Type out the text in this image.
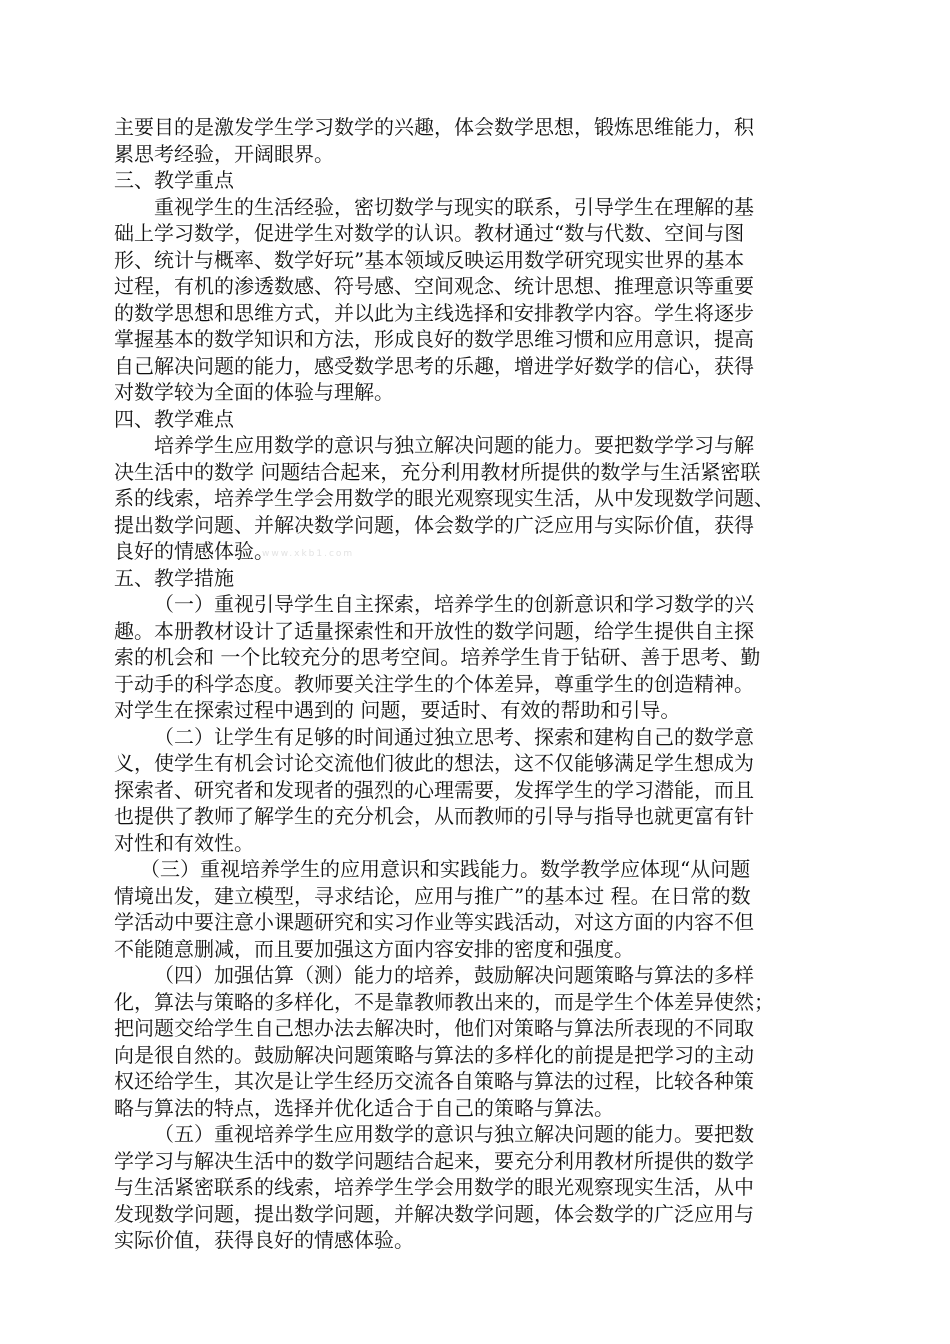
www.xkb1.com

主要目的是激发学生学习数学的兴趣，体会数学思想，锻炼思维能力，积
累思考经验，开阔眼界。

三、教学重点

重视学生的生活经验，密切数学与现实的联系，引导学生在理解的基
础上学习数学，促进学生对数学的认识。教材通过“数与代数、空间与图
形、统计与概率、数学好玩”基本领域反映运用数学研究现实世界的基本
过程，有机的渗透数感、符号感、空间观念、统计思想、推理意识等重要
的数学思想和思维方式，并以此为主线选择和安排教学内容。学生将逐步
掌握基本的数学知识和方法，形成良好的数学思维习惯和应用意识，提高
自己解决问题的能力，感受数学思考的乐趣，增进学好数学的信心，获得
对数学较为全面的体验与理解。

四、教学难点

培养学生应用数学的意识与独立解决问题的能力。要把数学学习与解
决生活中的数学 问题结合起来，充分利用教材所提供的数学与生活紧密联
系的线索，培养学生学会用数学的眼光观察现实生活，从中发现数学问题、
提出数学问题、并解决数学问题，体会数学的广泛应用与实际价值，获得
良好的情感体验。

五、教学措施

（一）重视引导学生自主探索，培养学生的创新意识和学习数学的兴
趣。本册教材设计了适量探索性和开放性的数学问题，给学生提供自主探
索的机会和 一个比较充分的思考空间。培养学生肯于钻研、善于思考、勤
于动手的科学态度。教师要关注学生的个体差异，尊重学生的创造精神。
对学生在探索过程中遇到的 问题，要适时、有效的帮助和引导。

（二）让学生有足够的时间通过独立思考、探索和建构自己的数学意
义，使学生有机会讨论交流他们彼此的想法，这不仅能够满足学生想成为
探索者、研究者和发现者的强烈的心理需要，发挥学生的学习潜能，而且
也提供了教师了解学生的充分机会，从而教师的引导与指导也就更富有针
对性和有效性。

（三）重视培养学生的应用意识和实践能力。数学教学应体现“从问题
情境出发，建立模型，寻求结论，应用与推广”的基本过 程。在日常的数
学活动中要注意小课题研究和实习作业等实践活动，对这方面的内容不但
不能随意删减，而且要加强这方面内容安排的密度和强度。

（四）加强估算（测）能力的培养，鼓励解决问题策略与算法的多样
化，算法与策略的多样化，不是靠教师教出来的，而是学生个体差异使然；
把问题交给学生自己想办法去解决时，他们对策略与算法所表现的不同取
向是很自然的。鼓励解决问题策略与算法的多样化的前提是把学习的主动
权还给学生，其次是让学生经历交流各自策略与算法的过程，比较各种策
略与算法的特点，选择并优化适合于自己的策略与算法。

（五）重视培养学生应用数学的意识与独立解决问题的能力。要把数
学学习与解决生活中的数学问题结合起来，要充分利用教材所提供的数学
与生活紧密联系的线索，培养学生学会用数学的眼光观察现实生活，从中
发现数学问题，提出数学问题，并解决数学问题，体会数学的广泛应用与
实际价值，获得良好的情感体验。
